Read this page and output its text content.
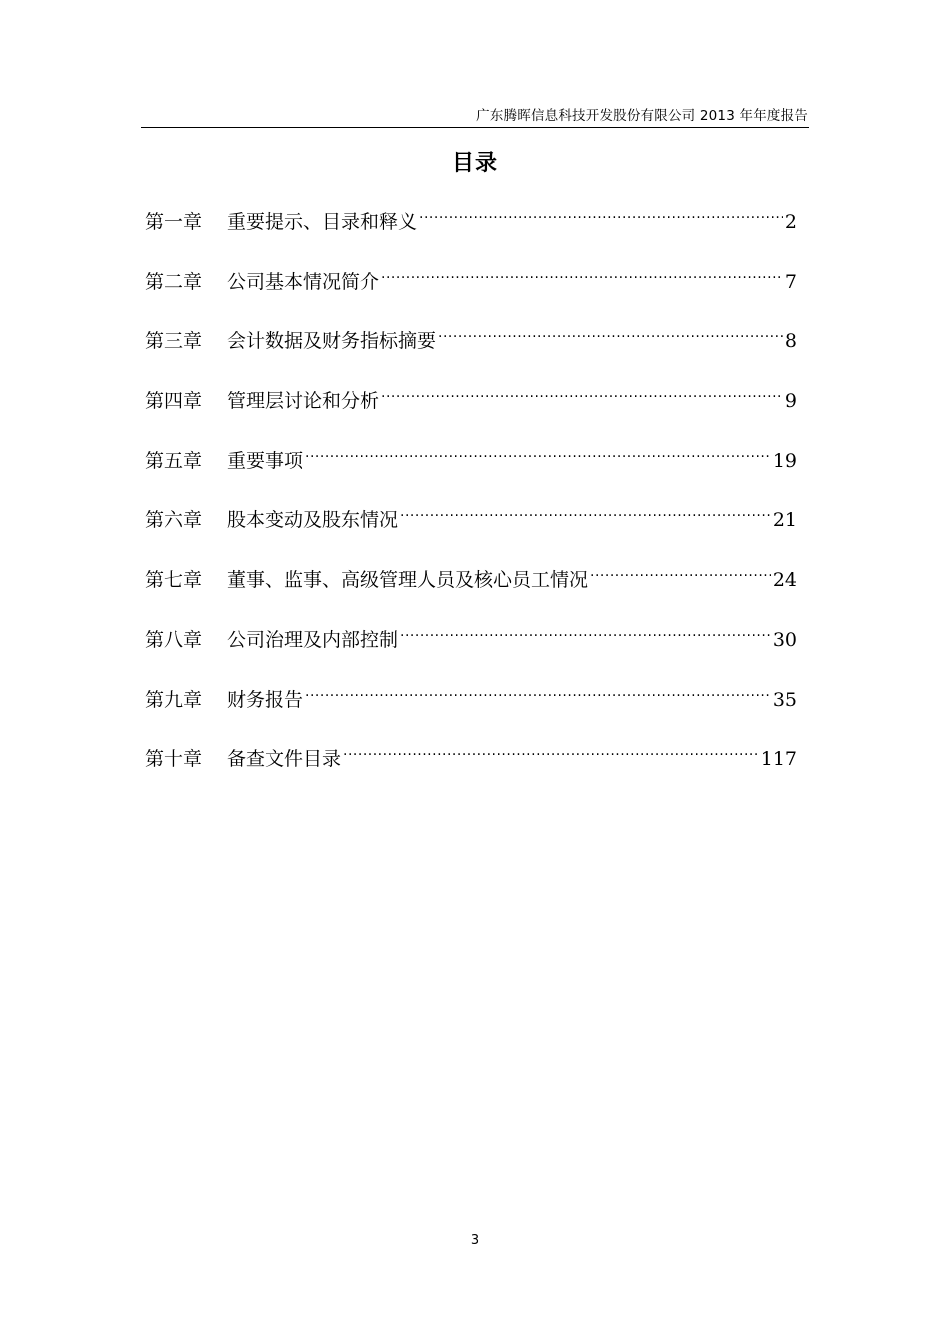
广东腾晖信息科技开发股份有限公司 2013 年年度报告
目录
第一章	重要提示、目录和释义 ·····	2
第二章	公司基本情况简介 ·····	7
第三章	会计数据及财务指标摘要 ·····	8
第四章	管理层讨论和分析 ·····	9
第五章	重要事项 ·····	19
第六章	股本变动及股东情况 ·····	21
第七章	董事、监事、高级管理人员及核心员工情况 ·····	24
第八章	公司治理及内部控制 ·····	30
第九章	财务报告 ·····	35
第十章	备查文件目录 ·····	117
3
